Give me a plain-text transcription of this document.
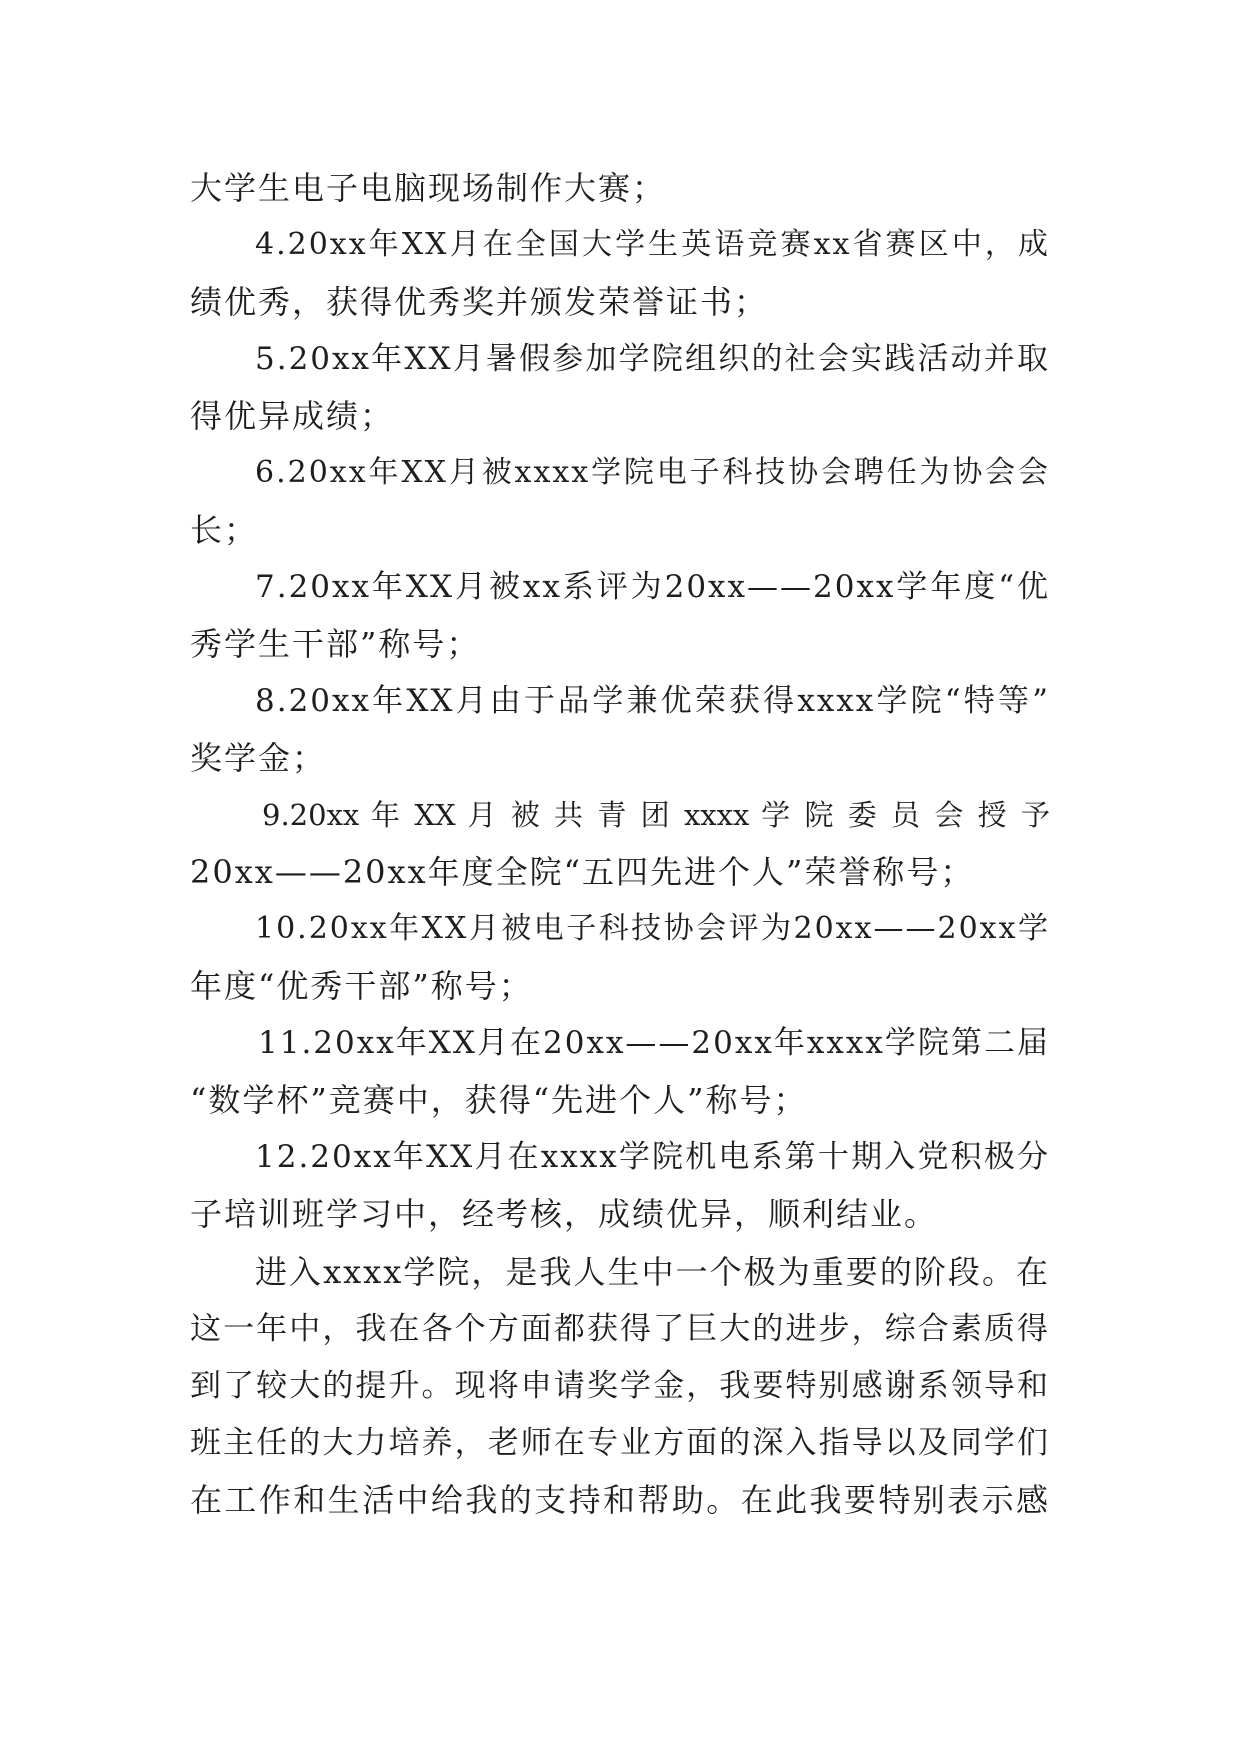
大学生电子电脑现场制作大赛；
4.20xx年XX月在全国大学生英语竞赛xx省赛区中，成
绩优秀，获得优秀奖并颁发荣誉证书；
5.20xx年XX月暑假参加学院组织的社会实践活动并取
得优异成绩；
6.20xx年XX月被xxxx学院电子科技协会聘任为协会会
长；
7.20xx年XX月被xx系评为20xx——20xx学年度“优
秀学生干部”称号；
8.20xx年XX月由于品学兼优荣获得xxxx学院“特等”
奖学金；
9.20xx 年 XX 月 被 共 青 团 xxxx 学 院 委 员 会 授 予
20xx——20xx年度全院“五四先进个人”荣誉称号；
10.20xx年XX月被电子科技协会评为20xx——20xx学
年度“优秀干部”称号；
11.20xx年XX月在20xx——20xx年xxxx学院第二届
“数学杯”竞赛中，获得“先进个人”称号；
12.20xx年XX月在xxxx学院机电系第十期入党积极分
子培训班学习中，经考核，成绩优异，顺利结业。
进入xxxx学院，是我人生中一个极为重要的阶段。在
这一年中，我在各个方面都获得了巨大的进步，综合素质得
到了较大的提升。现将申请奖学金，我要特别感谢系领导和
班主任的大力培养，老师在专业方面的深入指导以及同学们
在工作和生活中给我的支持和帮助。在此我要特别表示感
